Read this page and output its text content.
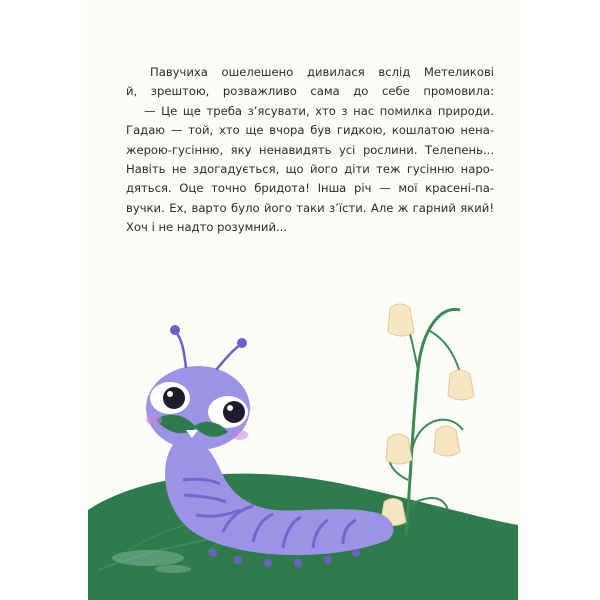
Павучиха ошелешено дивилася вслід Метеликові
й, зрештою, розважливо сама до себе промовила:
— Це ще треба з’ясувати, хто з нас помилка природи.
Гадаю — той, хто ще вчора був гидкою, кошлатою нена-
жерою-гусінню, яку ненавидять усі рослини. Телепень...
Навіть не здогадується, що його діти теж гусінню наро-
дяться. Оце точно бридота! Інша річ — мої красені-па-
вучки. Ех, варто було його таки з’їсти. Але ж гарний який!
Хоч і не надто розумний...
